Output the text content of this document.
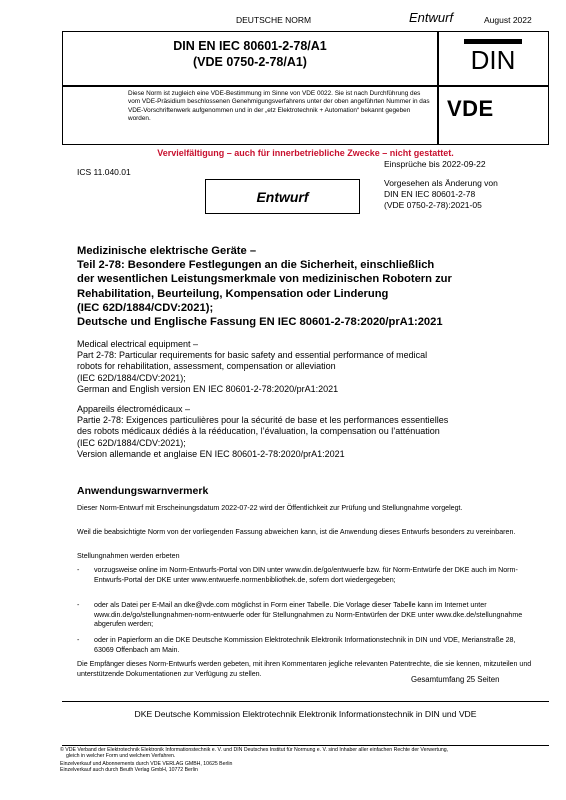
DEUTSCHE NORM	Entwurf	August 2022
DIN EN IEC 80601-2-78/A1
(VDE 0750-2-78/A1)	DIN
Diese Norm ist zugleich eine VDE-Bestimmung im Sinne von VDE 0022. Sie ist nach Durchführung des vom VDE-Präsidium beschlossenen Genehmigungsverfahrens unter der oben angeführten Nummer in das VDE-Vorschriftenwerk aufgenommen und in der „etz Elektrotechnik + Automation“ bekannt gegeben worden.	VDE
Vervielfältigung – auch für innerbetriebliche Zwecke – nicht gestattet.
Einsprüche bis 2022-09-22
ICS 11.040.01
Vorgesehen als Änderung von
DIN EN IEC 80601-2-78
(VDE 0750-2-78):2021-05
Entwurf
Medizinische elektrische Geräte –
Teil 2-78: Besondere Festlegungen an die Sicherheit, einschließlich
der wesentlichen Leistungsmerkmale von medizinischen Robotern zur
Rehabilitation, Beurteilung, Kompensation oder Linderung
(IEC 62D/1884/CDV:2021);
Deutsche und Englische Fassung EN IEC 80601-2-78:2020/prA1:2021
Medical electrical equipment –
Part 2-78: Particular requirements for basic safety and essential performance of medical
robots for rehabilitation, assessment, compensation or alleviation
(IEC 62D/1884/CDV:2021);
German and English version EN IEC 80601-2-78:2020/prA1:2021
Appareils électromédicaux –
Partie 2-78: Exigences particulières pour la sécurité de base et les performances essentielles
des robots médicaux dédiés à la rééducation, l’évaluation, la compensation ou l’atténuation
(IEC 62D/1884/CDV:2021);
Version allemande et anglaise EN IEC 80601-2-78:2020/prA1:2021
Anwendungswarnvermerk
Dieser Norm-Entwurf mit Erscheinungsdatum 2022-07-22 wird der Öffentlichkeit zur Prüfung und Stellungnahme vorgelegt.
Weil die beabsichtigte Norm von der vorliegenden Fassung abweichen kann, ist die Anwendung dieses Entwurfs besonders zu vereinbaren.
Stellungnahmen werden erbeten
- vorzugsweise online im Norm-Entwurfs-Portal von DIN unter www.din.de/go/entwuerfe bzw. für Norm-Entwürfe der DKE auch im Norm-Entwurfs-Portal der DKE unter www.entwuerfe.normenbibliothek.de, sofern dort wiedergegeben;
- oder als Datei per E-Mail an dke@vde.com möglichst in Form einer Tabelle. Die Vorlage dieser Tabelle kann im Internet unter www.din.de/go/stellungnahmen-norm-entwuerfe oder für Stellungnahmen zu Norm-Entwürfen der DKE unter www.dke.de/stellungnahme abgerufen werden;
- oder in Papierform an die DKE Deutsche Kommission Elektrotechnik Elektronik Informationstechnik in DIN und VDE, Merianstraße 28, 63069 Offenbach am Main.
Die Empfänger dieses Norm-Entwurfs werden gebeten, mit ihren Kommentaren jegliche relevanten Patentrechte, die sie kennen, mitzuteilen und unterstützende Dokumentationen zur Verfügung zu stellen.
Gesamtumfang 25 Seiten
DKE Deutsche Kommission Elektrotechnik Elektronik Informationstechnik in DIN und VDE
© VDE Verband der Elektrotechnik Elektronik Informationstechnik e. V. und DIN Deutsches Institut für Normung e. V. sind Inhaber aller einfachen Rechte der Verwertung,
gleich in welcher Form und welchem Verfahren.
Einzelverkauf und Abonnements durch VDE VERLAG GMBH, 10625 Berlin
Einzelverkauf auch durch Beuth Verlag GmbH, 10772 Berlin
